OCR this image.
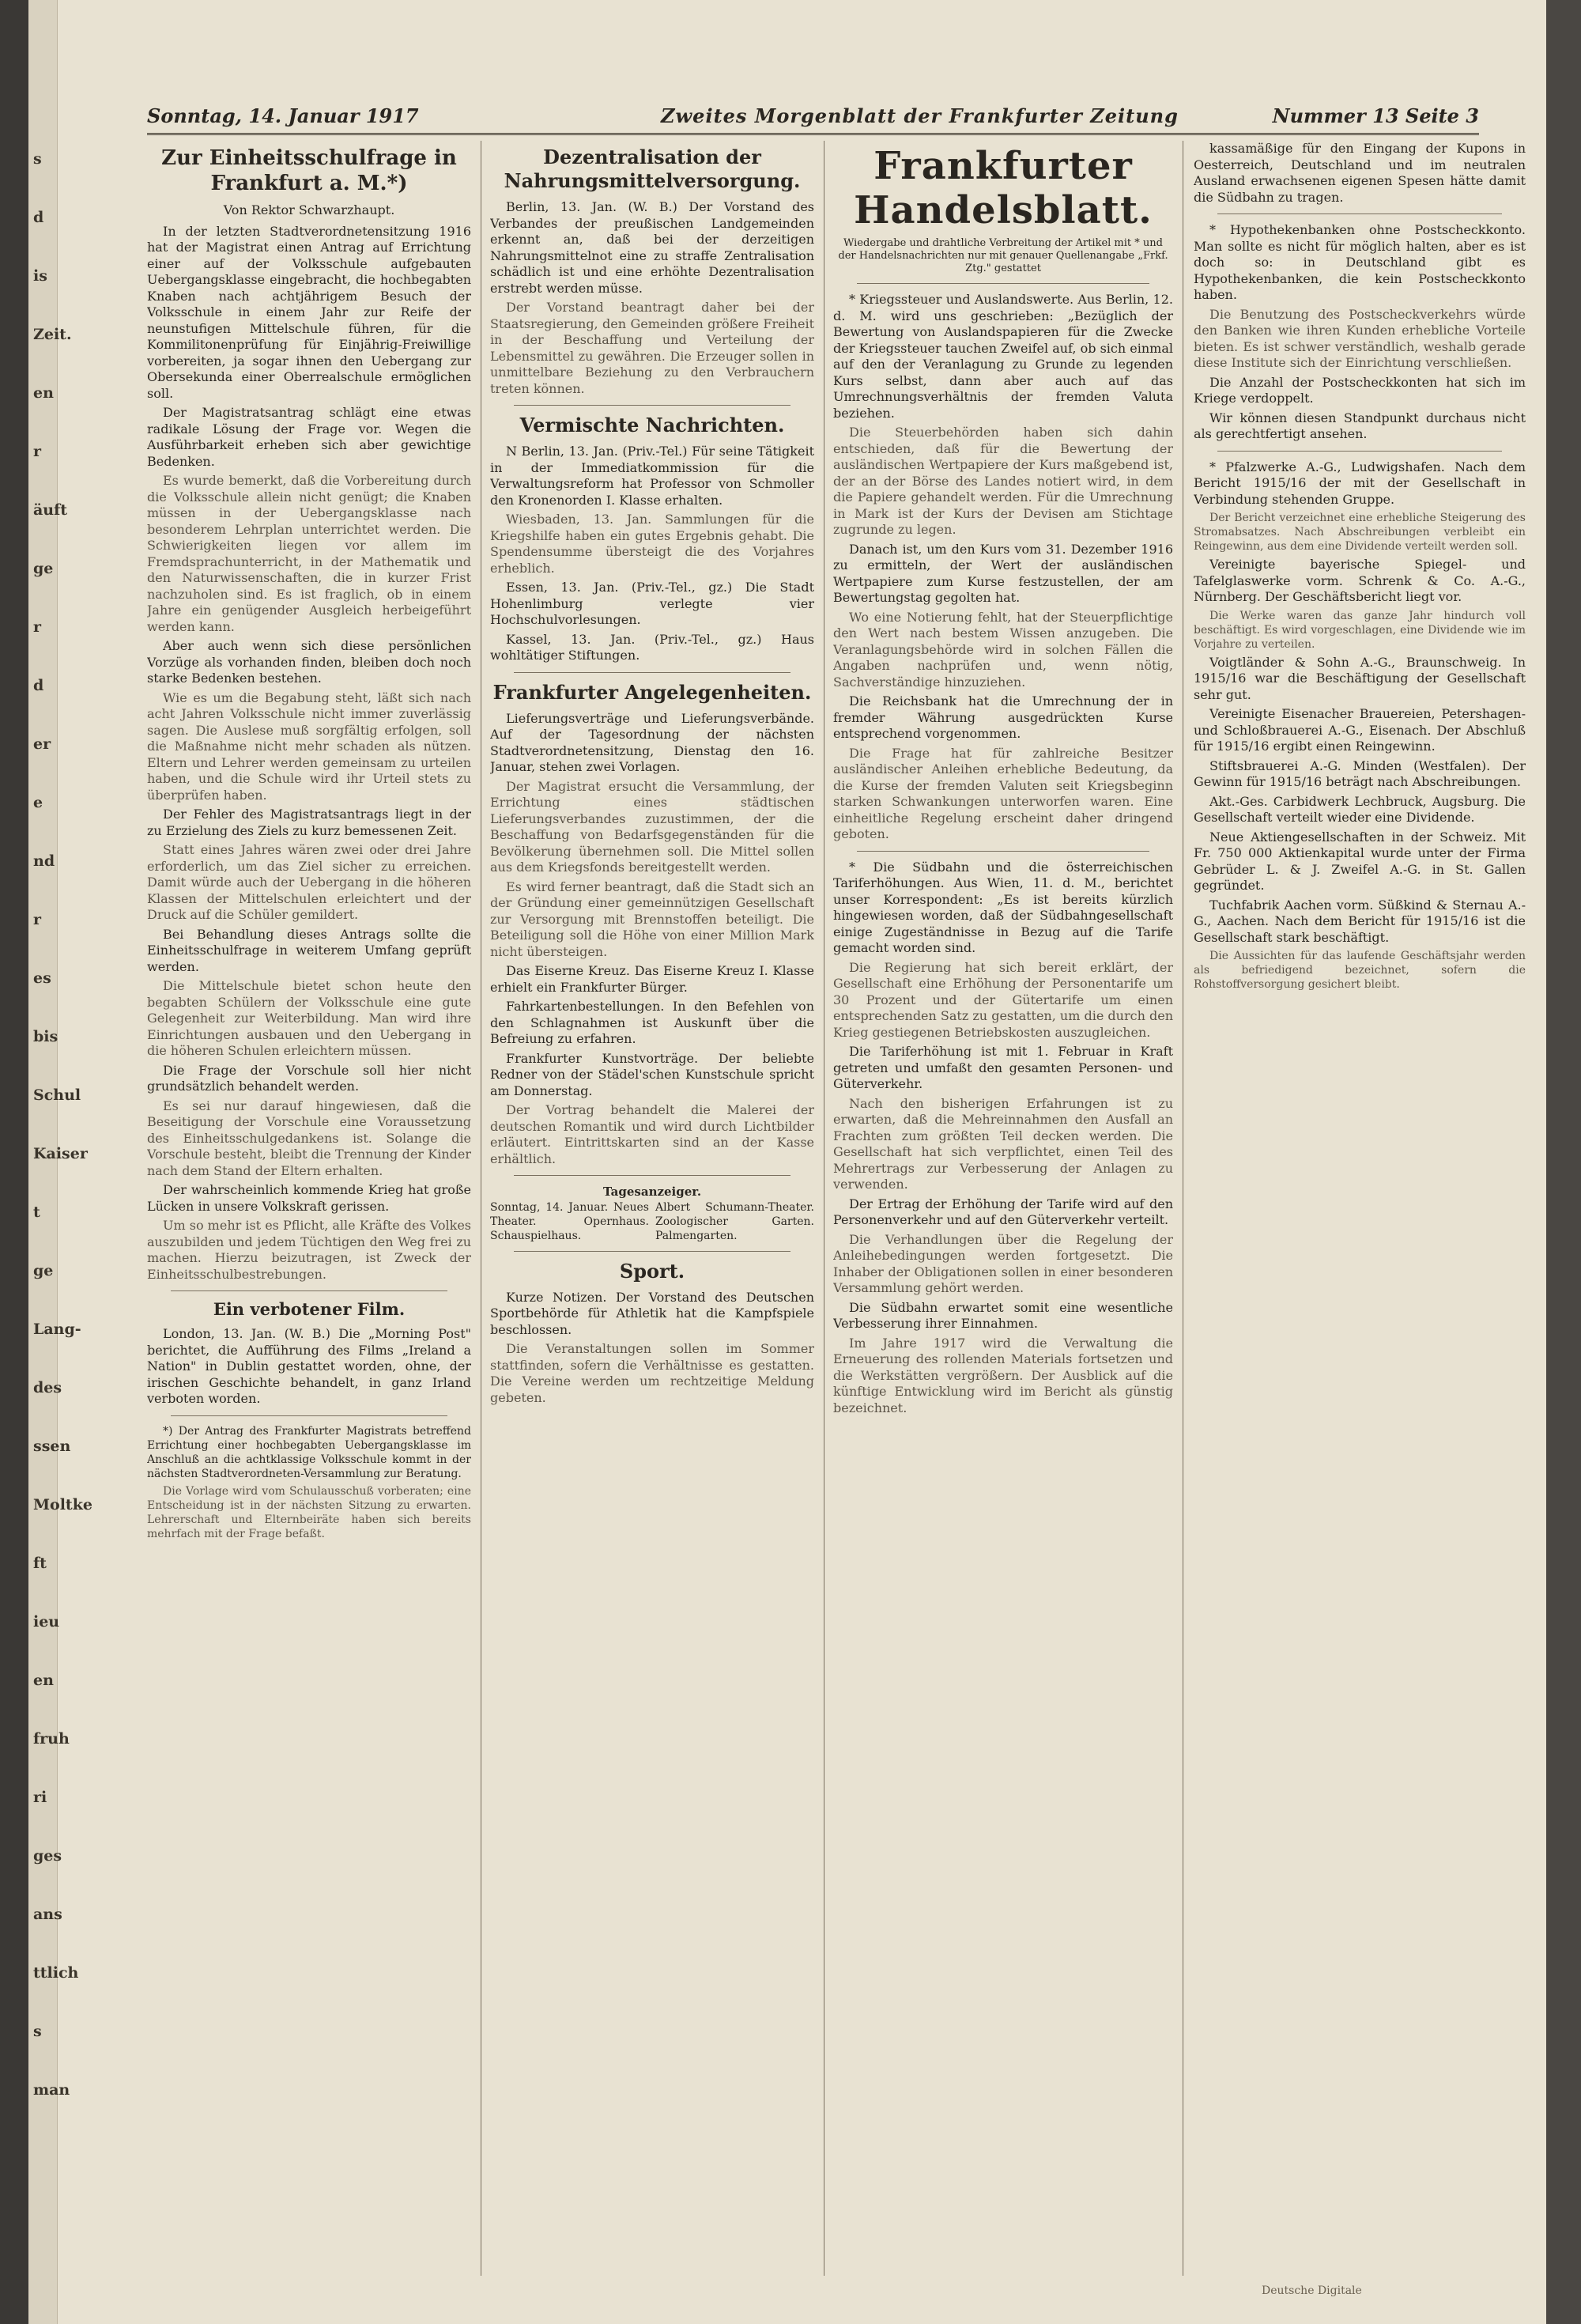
s
d
is
Zeit.
en
r
äuft
ge
r
d
er
e
nd
r
es
bis
Schul
Kaiser
t
ge
Lang-
des
ssen
Moltke
ft
ieu
en
fruh
ri
ges
ans
ttlich
s
man
Sonntag, 14. Januar 1917	Zweites Morgenblatt der Frankfurter Zeitung	Nummer 13 Seite 3
Zur Einheitsschulfrage in Frankfurt a. M.*)
Von Rektor Schwarzhaupt.

In der letzten Stadtverordnetensitzung 1916 hat der Magistrat einen Antrag auf Errichtung einer auf der Volksschule aufgebauten Uebergangsklasse eingebracht, die hochbegabten Knaben nach achtjährigem Besuch der Volksschule in einem Jahr zur Reife der neunstufigen Mittelschule führen, für die Kommilitonenprüfung für Einjährig-Freiwillige vorbereiten, ja sogar ihnen den Uebergang zur Obersekunda einer Oberrealschule ermöglichen soll.

Der Magistratsantrag schlägt eine etwas radikale Lösung der Frage vor. Wegen die Ausführbarkeit erheben sich aber gewichtige Bedenken.

Es wurde bemerkt, daß die Vorbereitung durch die Volksschule allein nicht genügt; die Knaben müssen in der Uebergangsklasse nach besonderem Lehrplan unterrichtet werden. Die Schwierigkeiten liegen vor allem im Fremdsprachunterricht, in der Mathematik und den Naturwissenschaften, die in kurzer Frist nachzuholen sind. Es ist fraglich, ob in einem Jahre ein genügender Ausgleich herbeigeführt werden kann.

Aber auch wenn sich diese persönlichen Vorzüge als vorhanden finden, bleiben doch noch starke Bedenken bestehen.

Wie es um die Begabung steht, läßt sich nach acht Jahren Volksschule nicht immer zuverlässig sagen. Die Auslese muß sorgfältig erfolgen, soll die Maßnahme nicht mehr schaden als nützen. Eltern und Lehrer werden gemeinsam zu urteilen haben, und die Schule wird ihr Urteil stets zu überprüfen haben.

Der Fehler des Magistratsantrags liegt in der zu Erzielung des Ziels zu kurz bemessenen Zeit.

Statt eines Jahres wären zwei oder drei Jahre erforderlich, um das Ziel sicher zu erreichen. Damit würde auch der Uebergang in die höheren Klassen der Mittelschulen erleichtert und der Druck auf die Schüler gemildert.

Bei Behandlung dieses Antrags sollte die Einheitsschulfrage in weiterem Umfang geprüft werden.

Die Mittelschule bietet schon heute den begabten Schülern der Volksschule eine gute Gelegenheit zur Weiterbildung. Man wird ihre Einrichtungen ausbauen und den Uebergang in die höheren Schulen erleichtern müssen.

Die Frage der Vorschule soll hier nicht grundsätzlich behandelt werden.

Es sei nur darauf hingewiesen, daß die Beseitigung der Vorschule eine Voraussetzung des Einheitsschulgedankens ist. Solange die Vorschule besteht, bleibt die Trennung der Kinder nach dem Stand der Eltern erhalten.

Der wahrscheinlich kommende Krieg hat große Lücken in unsere Volkskraft gerissen.

Um so mehr ist es Pflicht, alle Kräfte des Volkes auszubilden und jedem Tüchtigen den Weg frei zu machen. Hierzu beizutragen, ist Zweck der Einheitsschulbestrebungen.

Ein verbotener Film.

London, 13. Jan. (W. B.) Die „Morning Post" berichtet, die Aufführung des Films „Ireland a Nation" in Dublin gestattet worden, ohne, der irischen Geschichte behandelt, in ganz Irland verboten worden.

*) Der Antrag des Frankfurter Magistrats betreffend Errichtung einer hochbegabten Uebergangsklasse im Anschluß an die achtklassige Volksschule kommt in der nächsten Stadtverordneten-Versammlung zur Beratung.

Die Vorlage wird vom Schulausschuß vorberaten; eine Entscheidung ist in der nächsten Sitzung zu erwarten. Lehrerschaft und Elternbeiräte haben sich bereits mehrfach mit der Frage befaßt.

Dezentralisation der Nahrungsmittelversorgung.

Berlin, 13. Jan. (W. B.) Der Vorstand des Verbandes der preußischen Landgemeinden erkennt an, daß bei der derzeitigen Nahrungsmittelnot eine zu straffe Zentralisation schädlich ist und eine erhöhte Dezentralisation erstrebt werden müsse.

Der Vorstand beantragt daher bei der Staatsregierung, den Gemeinden größere Freiheit in der Beschaffung und Verteilung der Lebensmittel zu gewähren. Die Erzeuger sollen in unmittelbare Beziehung zu den Verbrauchern treten können.

Vermischte Nachrichten.

N Berlin, 13. Jan. (Priv.-Tel.) Für seine Tätigkeit in der Immediatkommission für die Verwaltungsreform hat Professor von Schmoller den Kronenorden I. Klasse erhalten.

Wiesbaden, 13. Jan. Sammlungen für die Kriegshilfe haben ein gutes Ergebnis gehabt. Die Spendensumme übersteigt die des Vorjahres erheblich.

Essen, 13. Jan. (Priv.-Tel., gz.) Die Stadt Hohenlimburg verlegte vier Hochschulvorlesungen.

Kassel, 13. Jan. (Priv.-Tel., gz.) Haus wohltätiger Stiftungen.

Frankfurter Angelegenheiten.

Lieferungsverträge und Lieferungsverbände. Auf der Tagesordnung der nächsten Stadtverordnetensitzung, Dienstag den 16. Januar, stehen zwei Vorlagen.

Der Magistrat ersucht die Versammlung, der Errichtung eines städtischen Lieferungsverbandes zuzustimmen, der die Beschaffung von Bedarfsgegenständen für die Bevölkerung übernehmen soll. Die Mittel sollen aus dem Kriegsfonds bereitgestellt werden.

Es wird ferner beantragt, daß die Stadt sich an der Gründung einer gemeinnützigen Gesellschaft zur Versorgung mit Brennstoffen beteiligt. Die Beteiligung soll die Höhe von einer Million Mark nicht übersteigen.

Das Eiserne Kreuz. Das Eiserne Kreuz I. Klasse erhielt ein Frankfurter Bürger.

Fahrkartenbestellungen. In den Befehlen von den Schlagnahmen ist Auskunft über die Befreiung zu erfahren.

Frankfurter Kunstvorträge. Der beliebte Redner von der Städel'schen Kunstschule spricht am Donnerstag.

Der Vortrag behandelt die Malerei der deutschen Romantik und wird durch Lichtbilder erläutert. Eintrittskarten sind an der Kasse erhältlich.

Tagesanzeiger.
Sonntag, 14. Januar. Neues Theater. Opernhaus. Schauspielhaus.
Albert Schumann-Theater. Zoologischer Garten. Palmengarten.
Sport.

Kurze Notizen. Der Vorstand des Deutschen Sportbehörde für Athletik hat die Kampfspiele beschlossen.

Die Veranstaltungen sollen im Sommer stattfinden, sofern die Verhältnisse es gestatten. Die Vereine werden um rechtzeitige Meldung gebeten.

Frankfurter Handelsblatt.
Wiedergabe und drahtliche Verbreitung der Artikel mit * und der Handelsnachrichten nur mit genauer Quellenangabe „Frkf. Ztg." gestattet

* Kriegssteuer und Auslandswerte. Aus Berlin, 12. d. M. wird uns geschrieben: „Bezüglich der Bewertung von Auslandspapieren für die Zwecke der Kriegssteuer tauchen Zweifel auf, ob sich einmal auf den der Veranlagung zu Grunde zu legenden Kurs selbst, dann aber auch auf das Umrechnungsverhältnis der fremden Valuta beziehen.

Die Steuerbehörden haben sich dahin entschieden, daß für die Bewertung der ausländischen Wertpapiere der Kurs maßgebend ist, der an der Börse des Landes notiert wird, in dem die Papiere gehandelt werden. Für die Umrechnung in Mark ist der Kurs der Devisen am Stichtage zugrunde zu legen.

Danach ist, um den Kurs vom 31. Dezember 1916 zu ermitteln, der Wert der ausländischen Wertpapiere zum Kurse festzustellen, der am Bewertungstag gegolten hat.

Wo eine Notierung fehlt, hat der Steuerpflichtige den Wert nach bestem Wissen anzugeben. Die Veranlagungsbehörde wird in solchen Fällen die Angaben nachprüfen und, wenn nötig, Sachverständige hinzuziehen.

Die Reichsbank hat die Umrechnung der in fremder Währung ausgedrückten Kurse entsprechend vorgenommen.

Die Frage hat für zahlreiche Besitzer ausländischer Anleihen erhebliche Bedeutung, da die Kurse der fremden Valuten seit Kriegsbeginn starken Schwankungen unterworfen waren. Eine einheitliche Regelung erscheint daher dringend geboten.

* Die Südbahn und die österreichischen Tariferhöhungen. Aus Wien, 11. d. M., berichtet unser Korrespondent: „Es ist bereits kürzlich hingewiesen worden, daß der Südbahngesellschaft einige Zugeständnisse in Bezug auf die Tarife gemacht worden sind.

Die Regierung hat sich bereit erklärt, der Gesellschaft eine Erhöhung der Personentarife um 30 Prozent und der Gütertarife um einen entsprechenden Satz zu gestatten, um die durch den Krieg gestiegenen Betriebskosten auszugleichen.

Die Tariferhöhung ist mit 1. Februar in Kraft getreten und umfaßt den gesamten Personen- und Güterverkehr.

Nach den bisherigen Erfahrungen ist zu erwarten, daß die Mehreinnahmen den Ausfall an Frachten zum größten Teil decken werden. Die Gesellschaft hat sich verpflichtet, einen Teil des Mehrertrags zur Verbesserung der Anlagen zu verwenden.

Der Ertrag der Erhöhung der Tarife wird auf den Personenverkehr und auf den Güterverkehr verteilt.

Die Verhandlungen über die Regelung der Anleihebedingungen werden fortgesetzt. Die Inhaber der Obligationen sollen in einer besonderen Versammlung gehört werden.

Die Südbahn erwartet somit eine wesentliche Verbesserung ihrer Einnahmen.

Im Jahre 1917 wird die Verwaltung die Erneuerung des rollenden Materials fortsetzen und die Werkstätten vergrößern. Der Ausblick auf die künftige Entwicklung wird im Bericht als günstig bezeichnet.

kassamäßige für den Eingang der Kupons in Oesterreich, Deutschland und im neutralen Ausland erwachsenen eigenen Spesen hätte damit die Südbahn zu tragen.

* Hypothekenbanken ohne Postscheckkonto. Man sollte es nicht für möglich halten, aber es ist doch so: in Deutschland gibt es Hypothekenbanken, die kein Postscheckkonto haben.

Die Benutzung des Postscheckverkehrs würde den Banken wie ihren Kunden erhebliche Vorteile bieten. Es ist schwer verständlich, weshalb gerade diese Institute sich der Einrichtung verschließen.

Die Anzahl der Postscheckkonten hat sich im Kriege verdoppelt.

Wir können diesen Standpunkt durchaus nicht als gerechtfertigt ansehen.

* Pfalzwerke A.-G., Ludwigshafen. Nach dem Bericht 1915/16 der mit der Gesellschaft in Verbindung stehenden Gruppe.

Der Bericht verzeichnet eine erhebliche Steigerung des Stromabsatzes. Nach Abschreibungen verbleibt ein Reingewinn, aus dem eine Dividende verteilt werden soll.

Vereinigte bayerische Spiegel- und Tafelglaswerke vorm. Schrenk & Co. A.-G., Nürnberg. Der Geschäftsbericht liegt vor.

Die Werke waren das ganze Jahr hindurch voll beschäftigt. Es wird vorgeschlagen, eine Dividende wie im Vorjahre zu verteilen.

Voigtländer & Sohn A.-G., Braunschweig. In 1915/16 war die Beschäftigung der Gesellschaft sehr gut.

Vereinigte Eisenacher Brauereien, Petershagen- und Schloßbrauerei A.-G., Eisenach. Der Abschluß für 1915/16 ergibt einen Reingewinn.

Stiftsbrauerei A.-G. Minden (Westfalen). Der Gewinn für 1915/16 beträgt nach Abschreibungen.

Akt.-Ges. Carbidwerk Lechbruck, Augsburg. Die Gesellschaft verteilt wieder eine Dividende.

Neue Aktiengesellschaften in der Schweiz. Mit Fr. 750 000 Aktienkapital wurde unter der Firma Gebrüder L. & J. Zweifel A.-G. in St. Gallen gegründet.

Tuchfabrik Aachen vorm. Süßkind & Sternau A.-G., Aachen. Nach dem Bericht für 1915/16 ist die Gesellschaft stark beschäftigt.

Die Aussichten für das laufende Geschäftsjahr werden als befriedigend bezeichnet, sofern die Rohstoffversorgung gesichert bleibt.

Deutsche Digitale
